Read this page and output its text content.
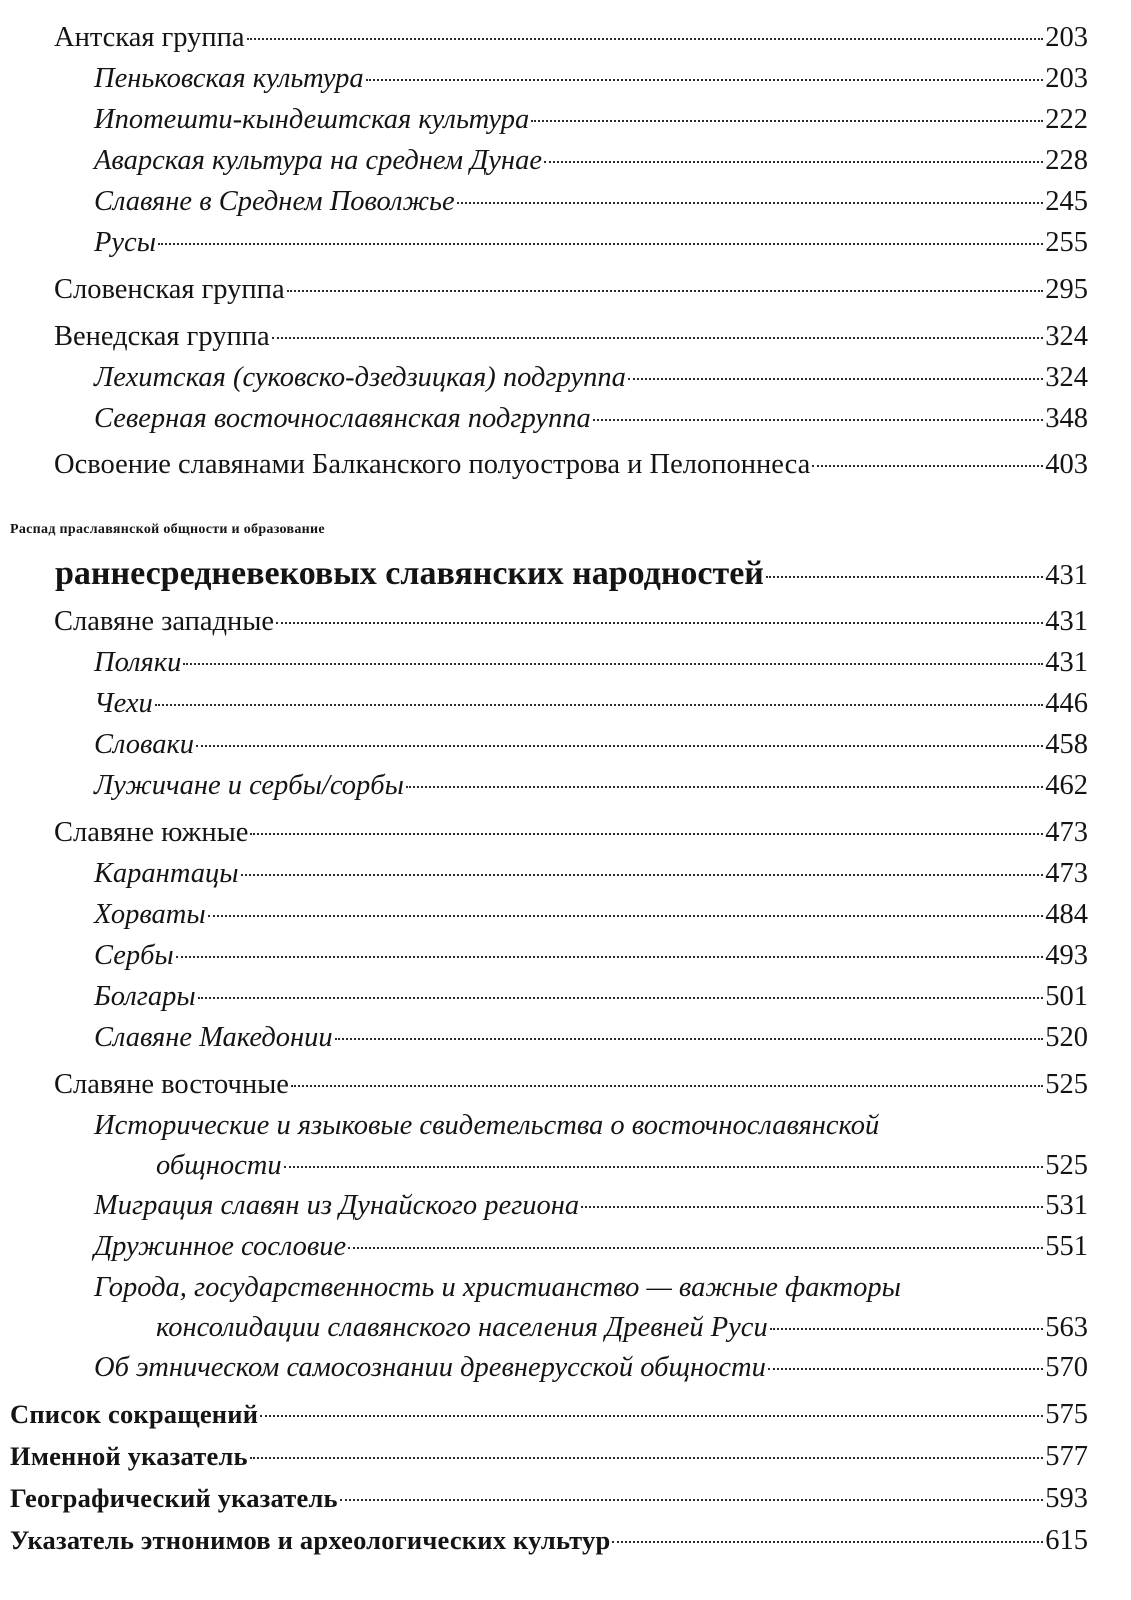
Антская группа	203
Пеньковская культура	203
Ипотешти-кындештская культура	222
Аварская культура на среднем Дунае	228
Славяне в Среднем Поволжье	245
Русы	255
Словенская группа	295
Венедская группа	324
Лехитская (суковско-дзедзицкая) подгруппа	324
Северная восточнославянская подгруппа	348
Освоение славянами Балканского полуострова и Пелопоннеса	403
Распад праславянской общности и образование
раннесредневековых славянских народностей	431
Славяне западные	431
Поляки	431
Чехи	446
Словаки	458
Лужичане и сербы/сорбы	462
Славяне южные	473
Карантацы	473
Хорваты	484
Сербы	493
Болгары	501
Славяне Македонии	520
Славяне восточные	525
Исторические и языковые свидетельства о восточнославянской
общности	525
Миграция славян из Дунайского региона	531
Дружинное сословие	551
Города, государственность и христианство — важные факторы
консолидации славянского населения Древней Руси	563
Об этническом самосознании древнерусской общности	570
Список сокращений	575
Именной указатель	577
Географический указатель	593
Указатель этнонимов и археологических культур	615
